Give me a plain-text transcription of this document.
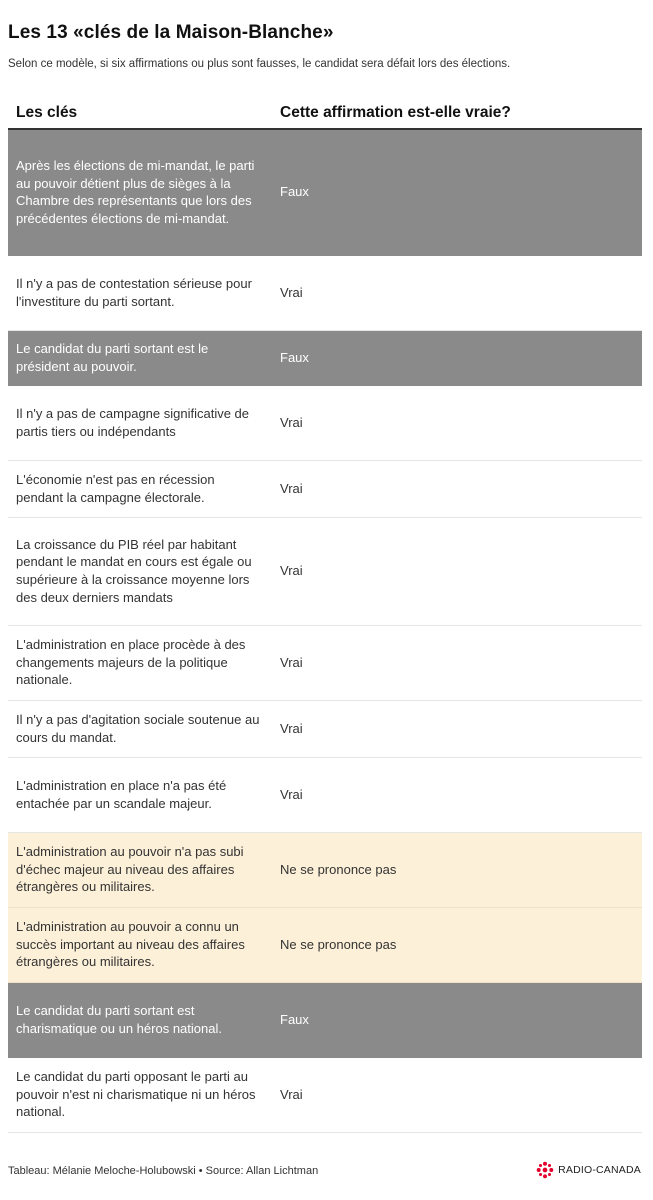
Les 13 «clés de la Maison-Blanche»
Selon ce modèle, si six affirmations ou plus sont fausses, le candidat sera défait lors des élections.
Les clés	Cette affirmation est-elle vraie?
Après les élections de mi-mandat, le parti au pouvoir détient plus de sièges à la Chambre des représentants que lors des précédentes élections de mi-mandat.	Faux
Il n'y a pas de contestation sérieuse pour l'investiture du parti sortant.	Vrai
Le candidat du parti sortant est le président au pouvoir.	Faux
Il n'y a pas de campagne significative de partis tiers ou indépendants	Vrai
L'économie n'est pas en récession pendant la campagne électorale.	Vrai
La croissance du PIB réel par habitant pendant le mandat en cours est égale ou supérieure à la croissance moyenne lors des deux derniers mandats	Vrai
L'administration en place procède à des changements majeurs de la politique nationale.	Vrai
Il n'y a pas d'agitation sociale soutenue au cours du mandat.	Vrai
L'administration en place n'a pas été entachée par un scandale majeur.	Vrai
L'administration au pouvoir n'a pas subi d'échec majeur au niveau des affaires étrangères ou militaires.	Ne se prononce pas
L'administration au pouvoir a connu un succès important au niveau des affaires étrangères ou militaires.	Ne se prononce pas
Le candidat du parti sortant est charismatique ou un héros national.	Faux
Le candidat du parti opposant le parti au pouvoir n'est ni charismatique ni un héros national.	Vrai
Tableau: Mélanie Meloche-Holubowski • Source: Allan Lichtman	RADIO-CANADA
